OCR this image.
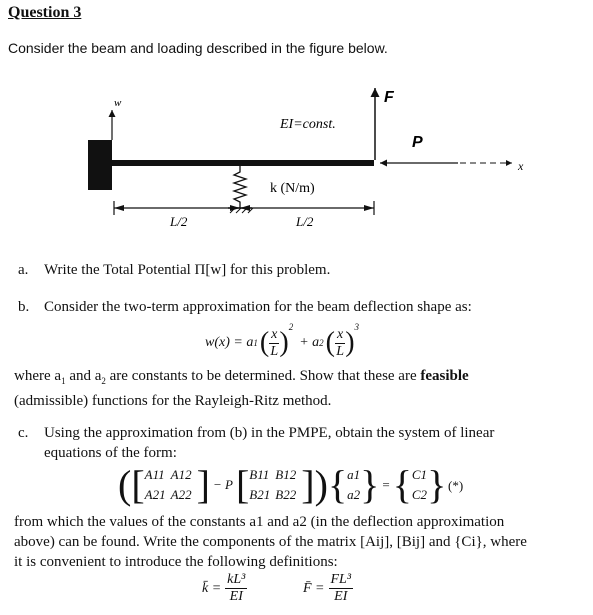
Question 3
Consider the beam and loading described in the figure below.
w
EI=const.
F
P
x
k (N/m)
L/2	L/2
a. Write the Total Potential Π[w] for this problem.
b. Consider the two-term approximation for the beam deflection shape as:
w(x) = a 1 ( $\frac{x}{L} )^2$
+ a 2 ( $\frac{x}{L} )^3$
where $a_1$ and $a_2$ are constants to be determined. Show that these are feasible
(admissible) functions for the Rayleigh-Ritz method.
c. Using the approximation from (b) in the PMPE, obtain the system of linear
equations of the form:
( [ A11 A12
A21 A22 ] − P [ B11 B12
B21 B22 ] ) { a1
a2 } = { C1
C2 } (*)
from which the values of the constants a1 and a2 (in the deflection approximation
above) can be found. Write the components of the matrix [Aij], [Bij] and {Ci}, where
it is convenient to introduce the following definitions:
k̄ = $\frac{\text{kL³}}{EI}$	F̄ = $\frac{\text{FL³}}{EI}$
